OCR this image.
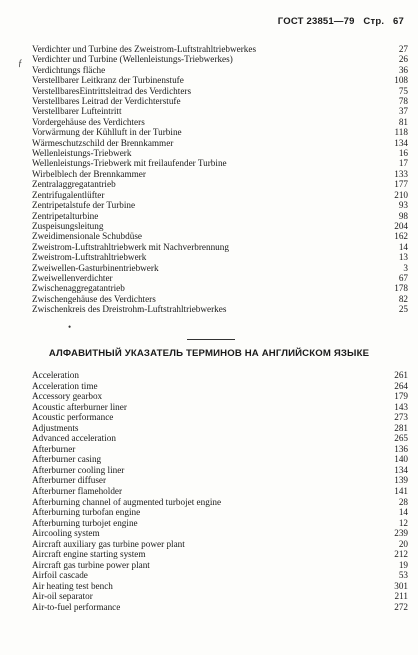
ГОСТ 23851—79 Стр. 67
ƒ
Verdichter und Turbine des Zweistrom-Luftstrahltriebwerkes	27
Verdichter und Turbine (Wellenleistungs-Triebwerkes)	26
Verdichtungs fläche	36
Verstellbarer Leitkranz der Turbinenstufe	108
VerstellbaresEintrittsleitrad des Verdichters	75
Verstellbares Leitrad der Verdichterstufe	78
Verstellbarer Lufteintritt	37
Vordergehäuse des Verdichters	81
Vorwärmung der Kühlluft in der Turbine	118
Wärmeschutzschild der Brennkammer	134
Wellenleistungs-Triebwerk	16
Wellenleistungs-Triebwerk mit freilaufender Turbine	17
Wirbelblech der Brennkammer	133
Zentralaggregatantrieb	177
Zentrifugalentlüfter	210
Zentripetalstufe der Turbine	93
Zentripetalturbine	98
Zuspeisungsleitung	204
Zweidimensionale Schubdüse	162
Zweistrom-Luftstrahltriebwerk mit Nachverbrennung	14
Zweistrom-Luftstrahltriebwerk	13
Zweiwellen-Gasturbinentriebwerk	3
Zweiwellenverdichter	67
Zwischenaggregatantrieb	178
Zwischengehäuse des Verdichters	82
Zwischenkreis des Dreistrohm-Luftstrahltriebwerkes	25
•
АЛФАВИТНЫЙ УКАЗАТЕЛЬ ТЕРМИНОВ НА АНГЛИЙСКОМ ЯЗЫКЕ
Acceleration	261
Acceleration time	264
Accessory gearbox	179
Acoustic afterburner liner	143
Acoustic performance	273
Adjustments	281
Advanced acceleration	265
Afterburner	136
Afterburner casing	140
Afterburner cooling liner	134
Afterburner diffuser	139
Afterburner flameholder	141
Afterburning channel of augmented turbojet engine	28
Afterburning turbofan engine	14
Afterburning turbojet engine	12
Aircooling system	239
Aircraft auxiliary gas turbine power plant	20
Aircraft engine starting system	212
Aircraft gas turbine power plant	19
Airfoil cascade	53
Air heating test bench	301
Air-oil separator	211
Air-to-fuel performance	272
